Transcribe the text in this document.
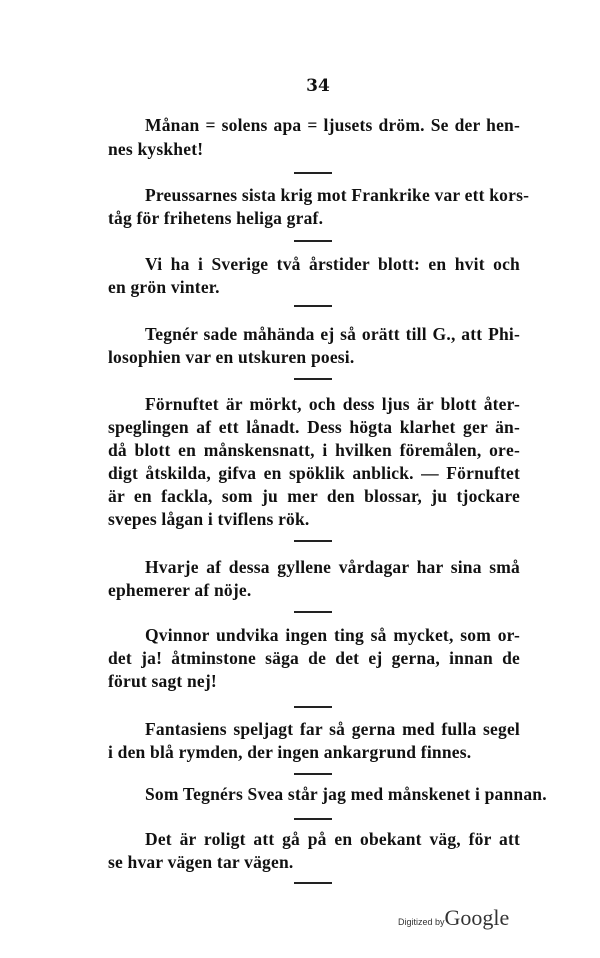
34
Månan = solens apa = ljusets dröm. Se der hen-
nes kyskhet!
Preussarnes sista krig mot Frankrike var ett kors-
tåg för frihetens heliga graf.
Vi ha i Sverige två årstider blott: en hvit och
en grön vinter.
Tegnér sade måhända ej så orätt till G., att Phi-
losophien var en utskuren poesi.
Förnuftet är mörkt, och dess ljus är blott åter-
speglingen af ett lånadt. Dess högta klarhet ger än-
då blott en månskensnatt, i hvilken föremålen, orе-
digt åtskilda, gifva en spöklik anblick. — Förnuftet
är en fackla, som ju mer den blossar, ju tjockare
svepes lågan i tviflens rök.
Hvarje af dessa gyllene vårdagar har sina små
ephemerer af nöje.
Qvinnor undvika ingen ting så mycket, som or-
det ja! åtminstone säga de det ej gerna, innan de
förut sagt nej!
Fantasiens speljagt far så gerna med fulla segel
i den blå rymden, der ingen ankargrund finnes.
Som Tegnérs Svea står jag med månskenet i pannan.
Det är roligt att gå på en obekant väg, för att
se hvar vägen tar vägen.
Digitized byGoogle
